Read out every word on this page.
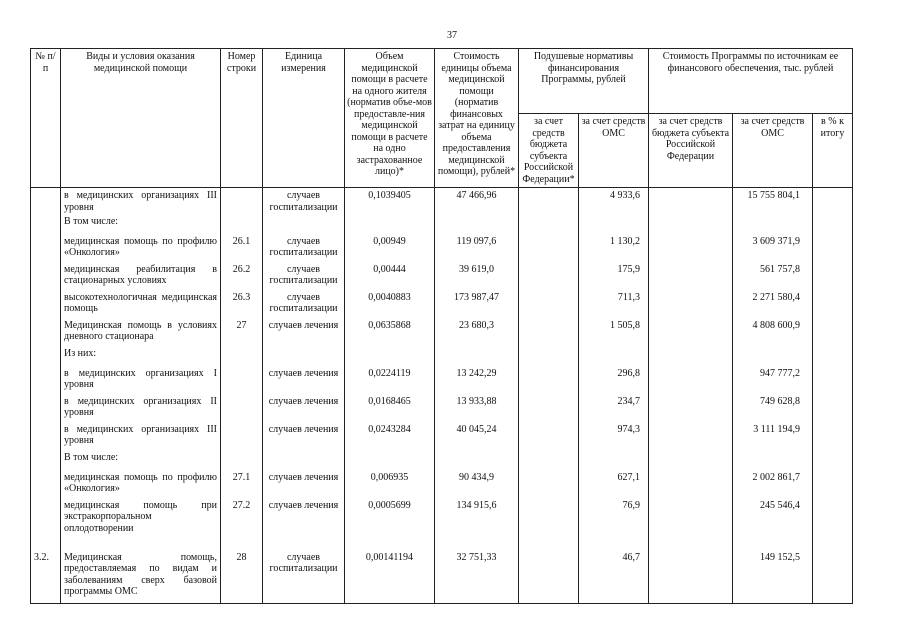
37
№ п/п	Виды и условия оказания медицинской помощи	Номер строки	Единица измерения	Объем медицинской помощи в расчете на одного жителя (норматив объе-мов предоставле-ния медицинской помощи в расчете на одно застрахованное лицо)*	Стоимость единицы объема медицинской помощи (норматив финансовых затрат на единицу объема предоставления медицинской помощи), рублей*	Подушевые нормативы финансирования Программы, рублей		Стоимость Программы по источникам ее финансового обеспечения, тыс. рублей		
						за счет средств бюджета субъекта Российской Федерации*	за счет средств ОМС	за счет средств бюджета субъекта Российской Федерации	за счет средств ОМС	в % к итогу
	в медицинских организациях III уровня		случаев госпитализации	0,1039405	47 466,96		4 933,6		15 755 804,1	
	В том числе:									
	медицинская помощь по профилю «Онкология»	26.1	случаев госпитализации	0,00949	119 097,6		1 130,2		3 609 371,9	
	медицинская реабилитация в стационарных условиях	26.2	случаев госпитализации	0,00444	39 619,0		175,9		561 757,8	
	высокотехнологичная медицинская помощь	26.3	случаев госпитализации	0,0040883	173 987,47		711,3		2 271 580,4	
	Медицинская помощь в условиях дневного стационара	27	случаев лечения	0,0635868	23 680,3		1 505,8		4 808 600,9	
	Из них:									
	в медицинских организациях I уровня		случаев лечения	0,0224119	13 242,29		296,8		947 777,2	
	в медицинских организациях II уровня		случаев лечения	0,0168465	13 933,88		234,7		749 628,8	
	в медицинских организациях III уровня		случаев лечения	0,0243284	40 045,24		974,3		3 111 194,9	
	В том числе:									
	медицинская помощь по профилю «Онкология»	27.1	случаев лечения	0,006935	90 434,9		627,1		2 002 861,7	
	медицинская помощь при экстракорпоральном оплодотворении	27.2	случаев лечения	0,0005699	134 915,6		76,9		245 546,4	
3.2.	Медицинская помощь, предоставляемая по видам и заболеваниям сверх базовой программы ОМС	28	случаев госпитализации	0,00141194	32 751,33		46,7		149 152,5	
